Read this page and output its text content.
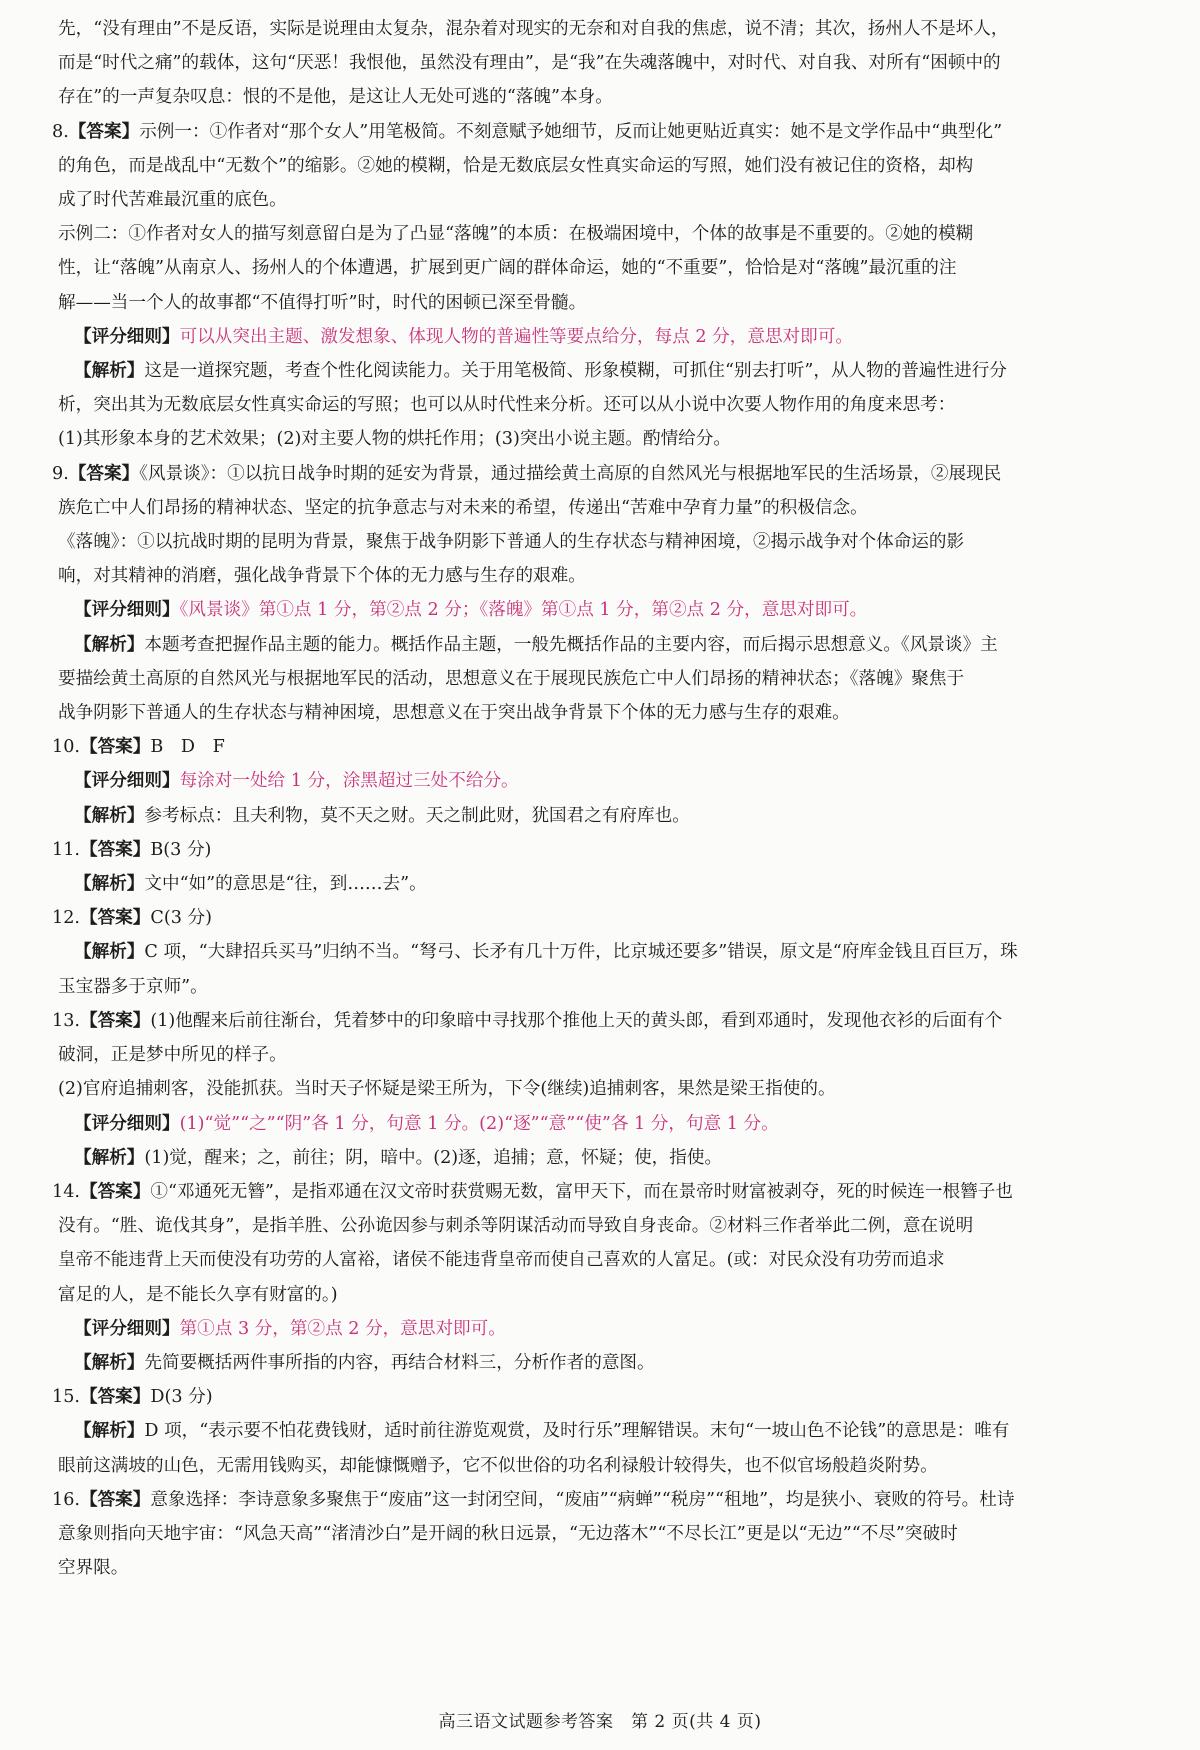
先，“没有理由”不是反语，实际是说理由太复杂，混杂着对现实的无奈和对自我的焦虑，说不清；其次，扬州人不是坏人，
而是“时代之痛”的载体，这句“厌恶！我恨他，虽然没有理由”，是“我”在失魂落魄中，对时代、对自我、对所有“困顿中的
存在”的一声复杂叹息：恨的不是他，是这让人无处可逃的“落魄”本身。
8.【答案】示例一：①作者对“那个女人”用笔极简。不刻意赋予她细节，反而让她更贴近真实：她不是文学作品中“典型化”
的角色，而是战乱中“无数个”的缩影。②她的模糊，恰是无数底层女性真实命运的写照，她们没有被记住的资格，却构
成了时代苦难最沉重的底色。
示例二：①作者对女人的描写刻意留白是为了凸显“落魄”的本质：在极端困境中，个体的故事是不重要的。②她的模糊
性，让“落魄”从南京人、扬州人的个体遭遇，扩展到更广阔的群体命运，她的“不重要”，恰恰是对“落魄”最沉重的注
解——当一个人的故事都“不值得打听”时，时代的困顿已深至骨髓。
【评分细则】可以从突出主题、激发想象、体现人物的普遍性等要点给分，每点 2 分，意思对即可。
【解析】这是一道探究题，考查个性化阅读能力。关于用笔极简、形象模糊，可抓住“别去打听”，从人物的普遍性进行分
析，突出其为无数底层女性真实命运的写照；也可以从时代性来分析。还可以从小说中次要人物作用的角度来思考：
(1)其形象本身的艺术效果；(2)对主要人物的烘托作用；(3)突出小说主题。酌情给分。
9.【答案】《风景谈》：①以抗日战争时期的延安为背景，通过描绘黄土高原的自然风光与根据地军民的生活场景，②展现民
族危亡中人们昂扬的精神状态、坚定的抗争意志与对未来的希望，传递出“苦难中孕育力量”的积极信念。
《落魄》：①以抗战时期的昆明为背景，聚焦于战争阴影下普通人的生存状态与精神困境，②揭示战争对个体命运的影
响，对其精神的消磨，强化战争背景下个体的无力感与生存的艰难。
【评分细则】《风景谈》第①点 1 分，第②点 2 分；《落魄》第①点 1 分，第②点 2 分，意思对即可。
【解析】本题考查把握作品主题的能力。概括作品主题，一般先概括作品的主要内容，而后揭示思想意义。《风景谈》主
要描绘黄土高原的自然风光与根据地军民的活动，思想意义在于展现民族危亡中人们昂扬的精神状态；《落魄》聚焦于
战争阴影下普通人的生存状态与精神困境，思想意义在于突出战争背景下个体的无力感与生存的艰难。
10.【答案】B　D　F
【评分细则】每涂对一处给 1 分，涂黑超过三处不给分。
【解析】参考标点：且夫利物，莫不天之财。天之制此财，犹国君之有府库也。
11.【答案】B(3 分)
【解析】文中“如”的意思是“往，到……去”。
12.【答案】C(3 分)
【解析】C 项，“大肆招兵买马”归纳不当。“弩弓、长矛有几十万件，比京城还要多”错误，原文是“府库金钱且百巨万，珠
玉宝器多于京师”。
13.【答案】(1)他醒来后前往渐台，凭着梦中的印象暗中寻找那个推他上天的黄头郎，看到邓通时，发现他衣衫的后面有个
破洞，正是梦中所见的样子。
(2)官府追捕刺客，没能抓获。当时天子怀疑是梁王所为，下令(继续)追捕刺客，果然是梁王指使的。
【评分细则】(1)“觉”“之”“阴”各 1 分，句意 1 分。(2)“逐”“意”“使”各 1 分，句意 1 分。
【解析】(1)觉，醒来；之，前往；阴，暗中。(2)逐，追捕；意，怀疑；使，指使。
14.【答案】①“邓通死无簪”，是指邓通在汉文帝时获赏赐无数，富甲天下，而在景帝时财富被剥夺，死的时候连一根簪子也
没有。“胜、诡伐其身”，是指羊胜、公孙诡因参与刺杀等阴谋活动而导致自身丧命。②材料三作者举此二例，意在说明
皇帝不能违背上天而使没有功劳的人富裕，诸侯不能违背皇帝而使自己喜欢的人富足。(或：对民众没有功劳而追求
富足的人，是不能长久享有财富的。)
【评分细则】第①点 3 分，第②点 2 分，意思对即可。
【解析】先简要概括两件事所指的内容，再结合材料三，分析作者的意图。
15.【答案】D(3 分)
【解析】D 项，“表示要不怕花费钱财，适时前往游览观赏，及时行乐”理解错误。末句“一坡山色不论钱”的意思是：唯有
眼前这满坡的山色，无需用钱购买，却能慷慨赠予，它不似世俗的功名利禄般计较得失，也不似官场般趋炎附势。
16.【答案】意象选择：李诗意象多聚焦于“废庙”这一封闭空间，“废庙”“病蝉”“税房”“租地”，均是狭小、衰败的符号。杜诗
意象则指向天地宇宙：“风急天高”“渚清沙白”是开阔的秋日远景，“无边落木”“不尽长江”更是以“无边”“不尽”突破时
空界限。
高三语文试题参考答案　第 2 页(共 4 页)
